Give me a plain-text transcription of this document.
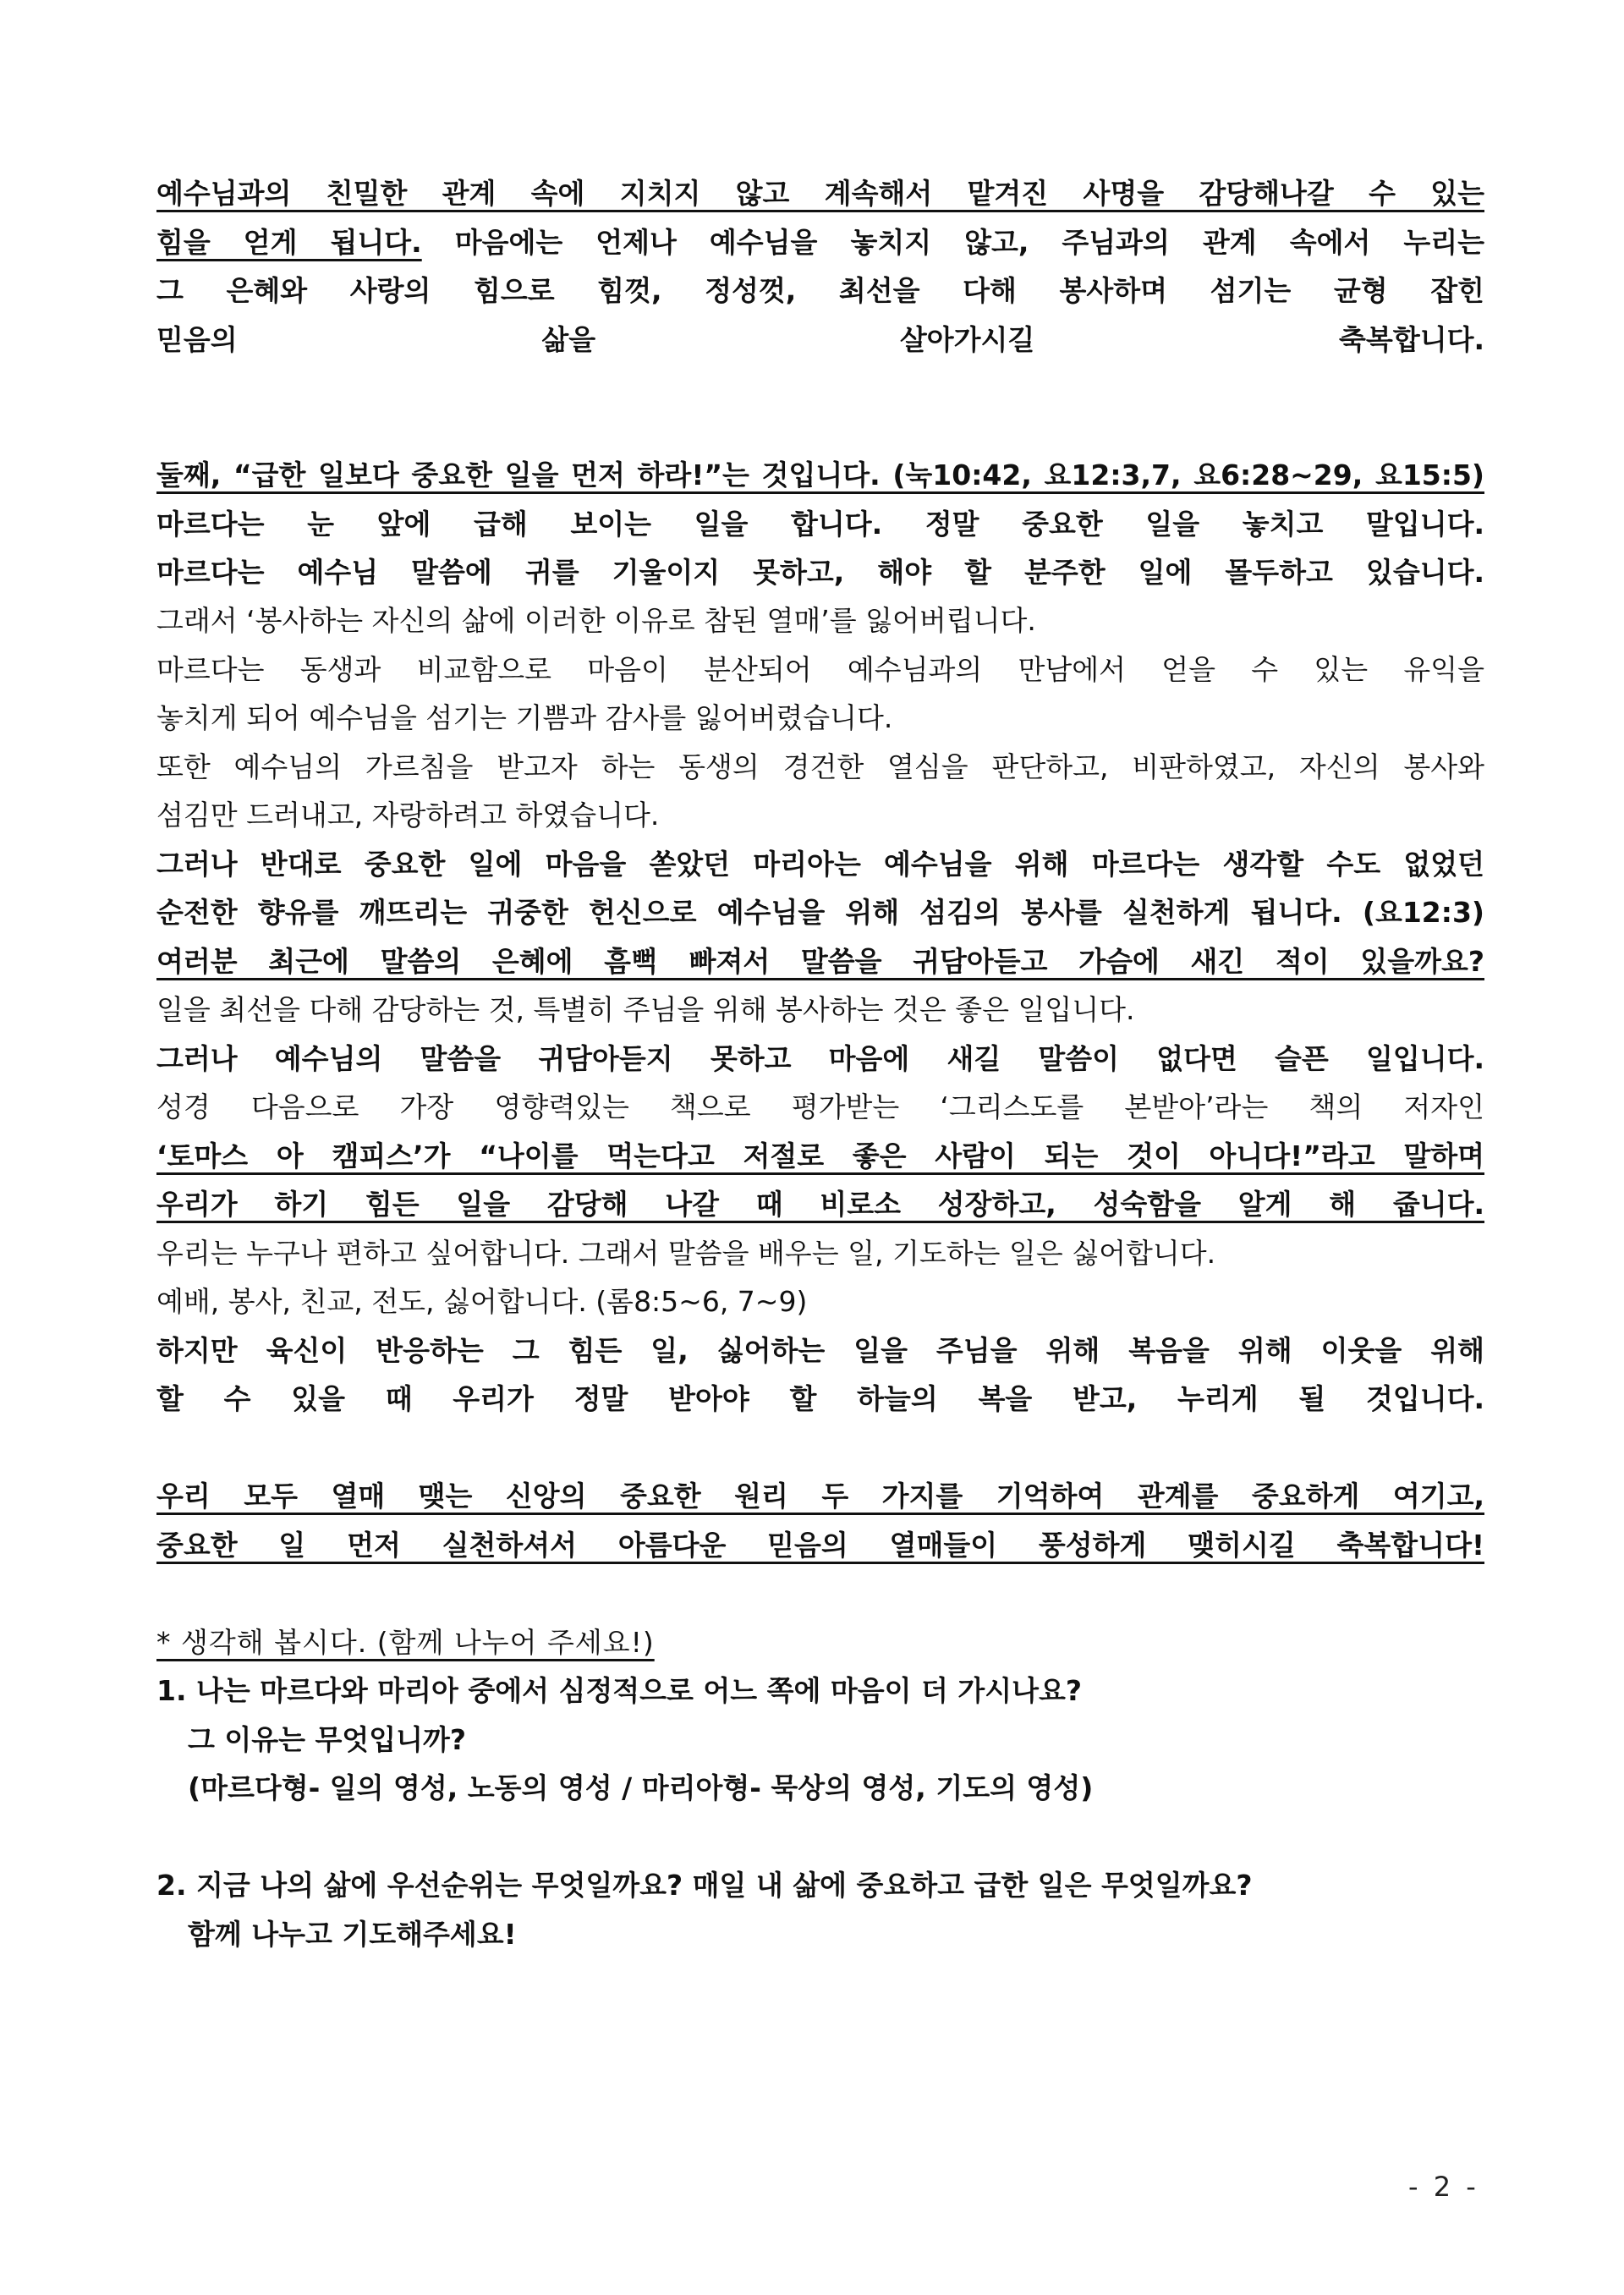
예수님과의 친밀한 관계 속에 지치지 않고 계속해서 맡겨진 사명을 감당해나갈 수 있는

힘을 얻게 됩니다. 마음에는 언제나 예수님을 놓치지 않고, 주님과의 관계 속에서 누리는

그 은혜와 사랑의 힘으로 힘껏, 정성껏, 최선을 다해 봉사하며 섬기는 균형 잡힌

믿음의 삶을 살아가시길 축복합니다.

둘째, “급한 일보다 중요한 일을 먼저 하라!”는 것입니다. (눅10:42, 요12:3,7, 요6:28~29, 요15:5)

마르다는 눈 앞에 급해 보이는 일을 합니다. 정말 중요한 일을 놓치고 말입니다.

마르다는 예수님 말씀에 귀를 기울이지 못하고, 해야 할 분주한 일에 몰두하고 있습니다.

그래서 ‘봉사하는 자신의 삶에 이러한 이유로 참된 열매’를 잃어버립니다.

마르다는 동생과 비교함으로 마음이 분산되어 예수님과의 만남에서 얻을 수 있는 유익을

놓치게 되어 예수님을 섬기는 기쁨과 감사를 잃어버렸습니다.

또한 예수님의 가르침을 받고자 하는 동생의 경건한 열심을 판단하고, 비판하였고, 자신의 봉사와

섬김만 드러내고, 자랑하려고 하였습니다.

그러나 반대로 중요한 일에 마음을 쏟았던 마리아는 예수님을 위해 마르다는 생각할 수도 없었던

순전한 향유를 깨뜨리는 귀중한 헌신으로 예수님을 위해 섬김의 봉사를 실천하게 됩니다. (요12:3)

여러분 최근에 말씀의 은혜에 흠뻑 빠져서 말씀을 귀담아듣고 가슴에 새긴 적이 있을까요?

일을 최선을 다해 감당하는 것, 특별히 주님을 위해 봉사하는 것은 좋은 일입니다.

그러나 예수님의 말씀을 귀담아듣지 못하고 마음에 새길 말씀이 없다면 슬픈 일입니다.

성경 다음으로 가장 영향력있는 책으로 평가받는 ‘그리스도를 본받아’라는 책의 저자인

‘토마스 아 캠피스’가 “나이를 먹는다고 저절로 좋은 사람이 되는 것이 아니다!”라고 말하며

우리가 하기 힘든 일을 감당해 나갈 때 비로소 성장하고, 성숙함을 알게 해 줍니다.

우리는 누구나 편하고 싶어합니다. 그래서 말씀을 배우는 일, 기도하는 일은 싫어합니다.

예배, 봉사, 친교, 전도, 싫어합니다. (롬8:5~6, 7~9)

하지만 육신이 반응하는 그 힘든 일, 싫어하는 일을 주님을 위해 복음을 위해 이웃을 위해

할 수 있을 때 우리가 정말 받아야 할 하늘의 복을 받고, 누리게 될 것입니다.

우리 모두 열매 맺는 신앙의 중요한 원리 두 가지를 기억하여 관계를 중요하게 여기고,

중요한 일 먼저 실천하셔서 아름다운 믿음의 열매들이 풍성하게 맺히시길 축복합니다!

* 생각해 봅시다. (함께 나누어 주세요!)

1. 나는 마르다와 마리아 중에서 심정적으로 어느 쪽에 마음이 더 가시나요?

그 이유는 무엇입니까?

(마르다형- 일의 영성, 노동의 영성 / 마리아형- 묵상의 영성, 기도의 영성)

2. 지금 나의 삶에 우선순위는 무엇일까요? 매일 내 삶에 중요하고 급한 일은 무엇일까요?

함께 나누고 기도해주세요!

- 2 -
